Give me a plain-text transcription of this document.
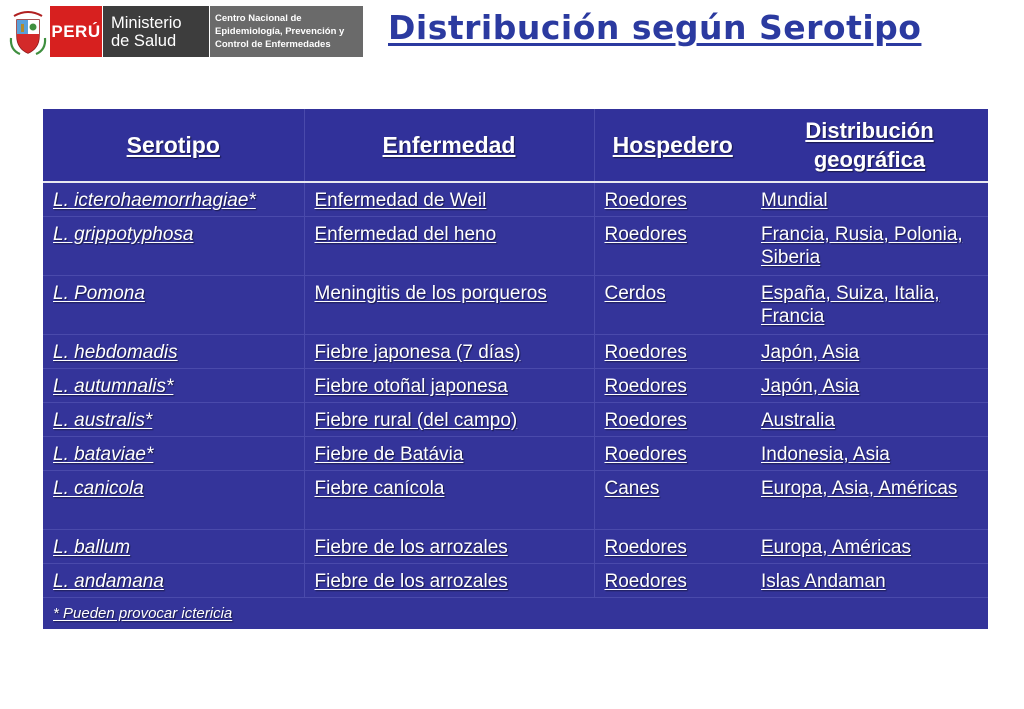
PERÚ Ministerio
de Salud
Centro Nacional de
Epidemiología, Prevención y
Control de Enfermedades	Distribución según Serotipo
Serotipo	Enfermedad	Hospedero	Distribución geográfica
L. icterohaemorrhagiae*	Enfermedad de Weil	Roedores	Mundial
L. grippotyphosa	Enfermedad del heno	Roedores	Francia, Rusia, Polonia, Siberia
L. Pomona	Meningitis de los porqueros	Cerdos	España, Suiza, Italia, Francia
L. hebdomadis	Fiebre japonesa (7 días)	Roedores	Japón, Asia
L. autumnalis*	Fiebre otoñal japonesa	Roedores	Japón, Asia
L. australis*	Fiebre rural (del campo)	Roedores	Australia
L. bataviae*	Fiebre de Batávia	Roedores	Indonesia, Asia
L. canicola	Fiebre canícola	Canes	Europa, Asia, Américas
L. ballum	Fiebre de los arrozales	Roedores	Europa, Américas
L. andamana	Fiebre de los arrozales	Roedores	Islas Andaman
* Pueden provocar ictericia			
